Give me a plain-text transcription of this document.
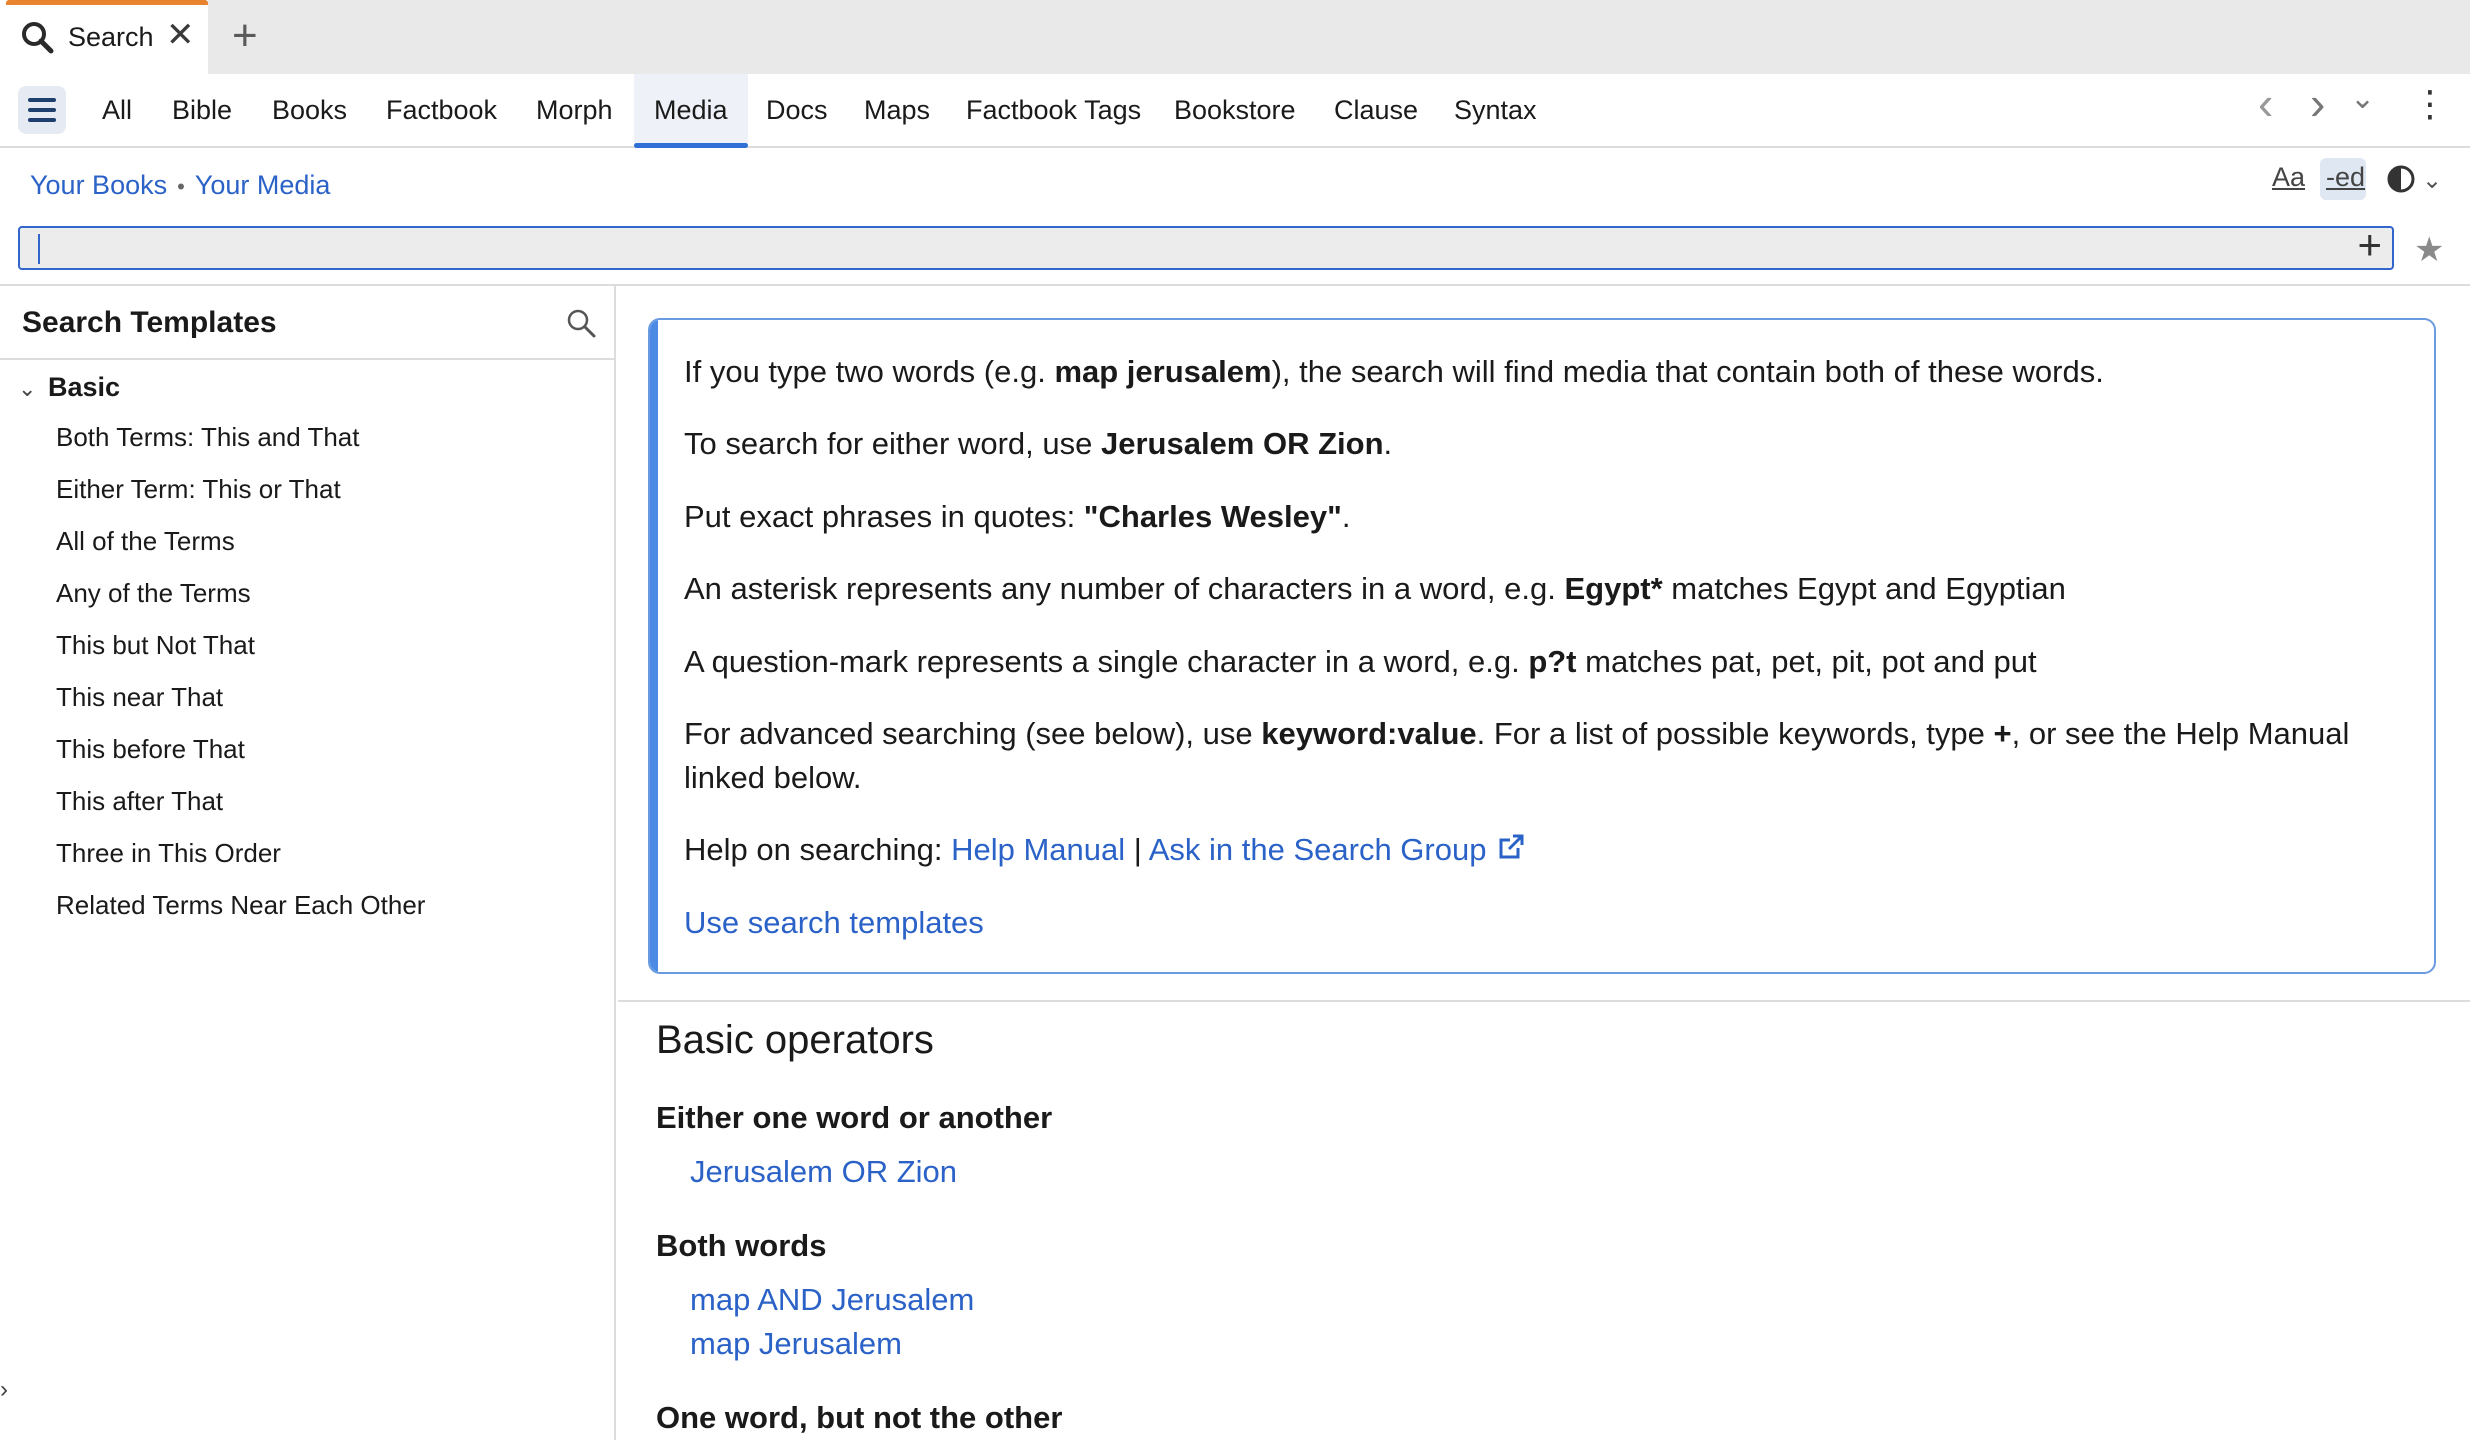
Search ✕ +
All	Bible	Books	Factbook	Morph	Media	Docs	Maps	Factbook Tags	Bookstore	Clause	Syntax	‹ › ⌄ ⋮
Your Books • Your Media	Aa -ed ⌄
+ ★
Search Templates
⌄ Basic
Both Terms: This and That
Either Term: This or That
All of the Terms
Any of the Terms
This but Not That
This near That
This before That
This after That
Three in This Order
Related Terms Near Each Other
›
If you type two words (e.g. map jerusalem), the search will find media that contain both of these words.
To search for either word, use Jerusalem OR Zion.
Put exact phrases in quotes: "Charles Wesley".
An asterisk represents any number of characters in a word, e.g. Egypt* matches Egypt and Egyptian
A question-mark represents a single character in a word, e.g. p?t matches pat, pet, pit, pot and put
For advanced searching (see below), use keyword:value. For a list of possible keywords, type +, or see the Help Manual linked below.
Help on searching: Help Manual | Ask in the Search Group
Use search templates
Basic operators
Either one word or another
Jerusalem OR Zion
Both words
map AND Jerusalem
map Jerusalem
One word, but not the other
